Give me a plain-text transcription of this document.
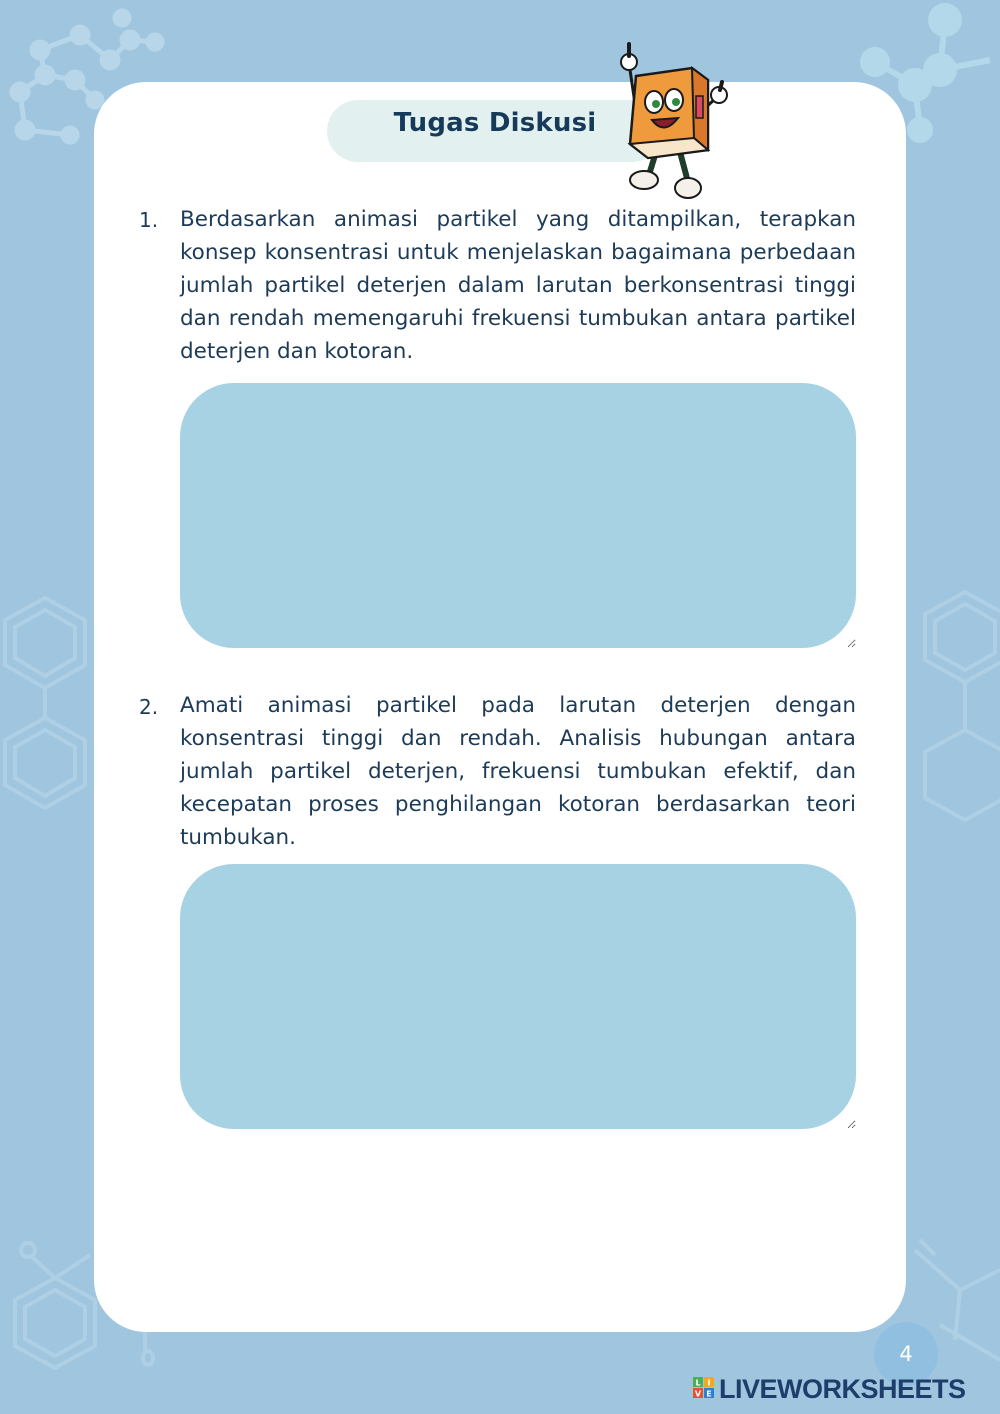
Tugas Diskusi
1. Berdasarkan animasi partikel yang ditampilkan, terapkan konsep konsentrasi untuk menjelaskan bagaimana perbedaan jumlah partikel deterjen dalam larutan berkonsentrasi tinggi dan rendah memengaruhi frekuensi tumbukan antara partikel deterjen dan kotoran.

2. Amati animasi partikel pada larutan deterjen dengan konsentrasi tinggi dan rendah. Analisis hubungan antara jumlah partikel deterjen, frekuensi tumbukan efektif, dan kecepatan proses penghilangan kotoran berdasarkan teori tumbukan.

4
L I
V E LIVEWORKSHEETS
